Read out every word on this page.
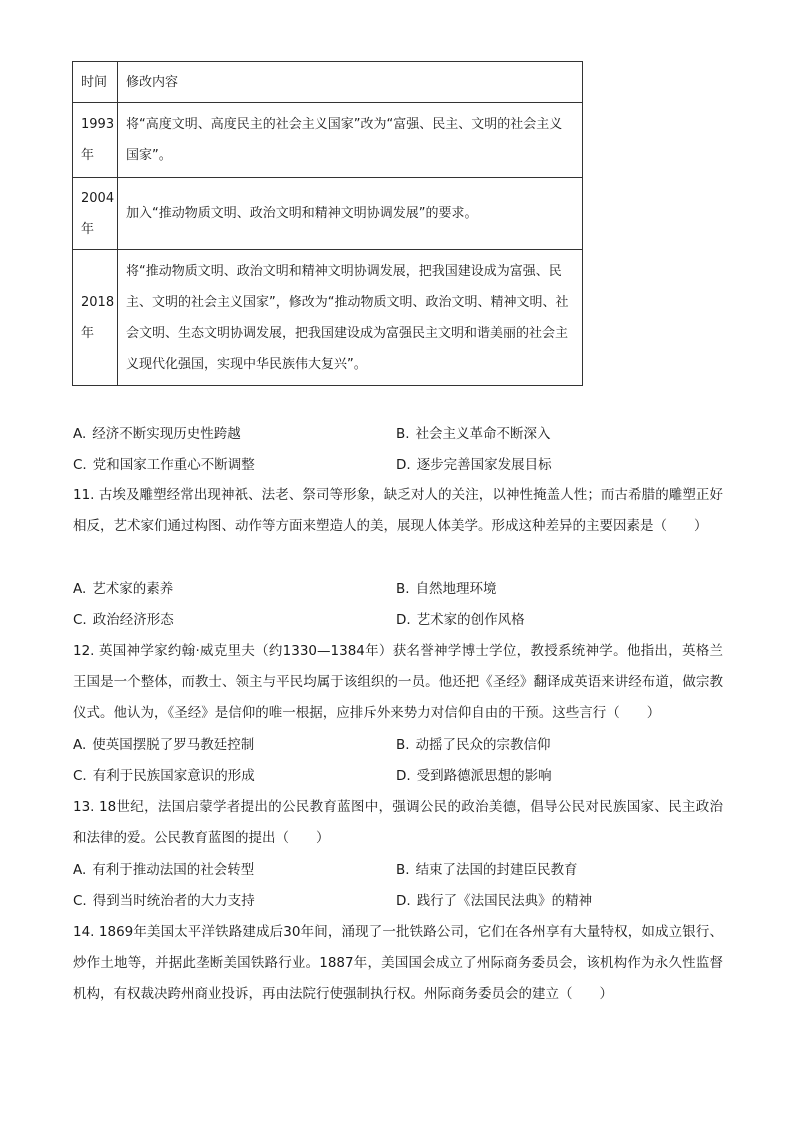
时间	修改内容
1993年	将“高度文明、高度民主的社会主义国家”改为“富强、民主、文明的社会主义国家”。
2004年	加入“推动物质文明、政治文明和精神文明协调发展”的要求。
2018年	将“推动物质文明、政治文明和精神文明协调发展，把我国建设成为富强、民主、文明的社会主义国家”，修改为“推动物质文明、政治文明、精神文明、社会文明、生态文明协调发展，把我国建设成为富强民主文明和谐美丽的社会主义现代化强国，实现中华民族伟大复兴”。
A. 经济不断实现历史性跨越	B. 社会主义革命不断深入
C. 党和国家工作重心不断调整	D. 逐步完善国家发展目标

11. 古埃及雕塑经常出现神祇、法老、祭司等形象，缺乏对人的关注，以神性掩盖人性；而古希腊的雕塑正好相反，艺术家们通过构图、动作等方面来塑造人的美，展现人体美学。形成这种差异的主要因素是（　　）

A. 艺术家的素养	B. 自然地理环境
C. 政治经济形态	D. 艺术家的创作风格

12. 英国神学家约翰·威克里夫（约1330—1384年）获名誉神学博士学位，教授系统神学。他指出，英格兰王国是一个整体，而教士、领主与平民均属于该组织的一员。他还把《圣经》翻译成英语来讲经布道，做宗教仪式。他认为，《圣经》是信仰的唯一根据，应排斥外来势力对信仰自由的干预。这些言行（　　）

A. 使英国摆脱了罗马教廷控制	B. 动摇了民众的宗教信仰
C. 有利于民族国家意识的形成	D. 受到路德派思想的影响

13. 18世纪，法国启蒙学者提出的公民教育蓝图中，强调公民的政治美德，倡导公民对民族国家、民主政治和法律的爱。公民教育蓝图的提出（　　）

A. 有利于推动法国的社会转型	B. 结束了法国的封建臣民教育
C. 得到当时统治者的大力支持	D. 践行了《法国民法典》的精神

14. 1869年美国太平洋铁路建成后30年间，涌现了一批铁路公司，它们在各州享有大量特权，如成立银行、炒作土地等，并据此垄断美国铁路行业。1887年，美国国会成立了州际商务委员会，该机构作为永久性监督机构，有权裁决跨州商业投诉，再由法院行使强制执行权。州际商务委员会的建立（　　）
